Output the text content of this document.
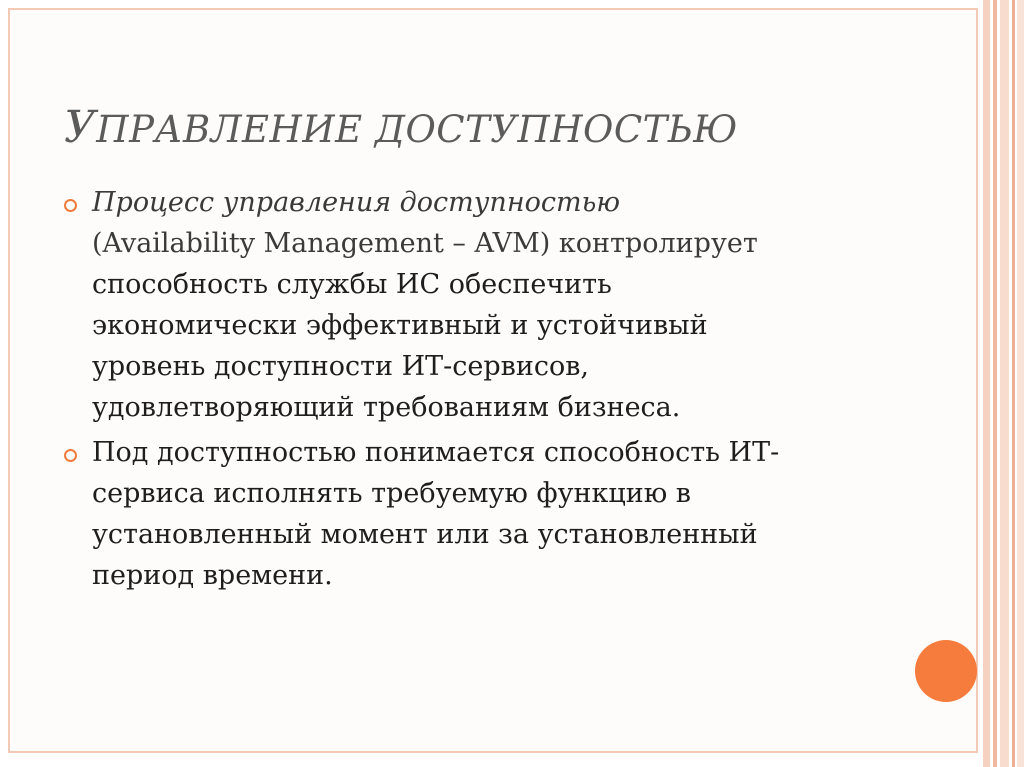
УПРАВЛЕНИЕ ДОСТУПНОСТЬЮ
Процесс управления доступностью
(Availability Management – AVM) контролирует
способность службы ИС обеспечить
экономически эффективный и устойчивый
уровень доступности ИТ-сервисов,
удовлетворяющий требованиям бизнеса.
Под доступностью понимается способность ИТ-
сервиса исполнять требуемую функцию в
установленный момент или за установленный
период времени.
